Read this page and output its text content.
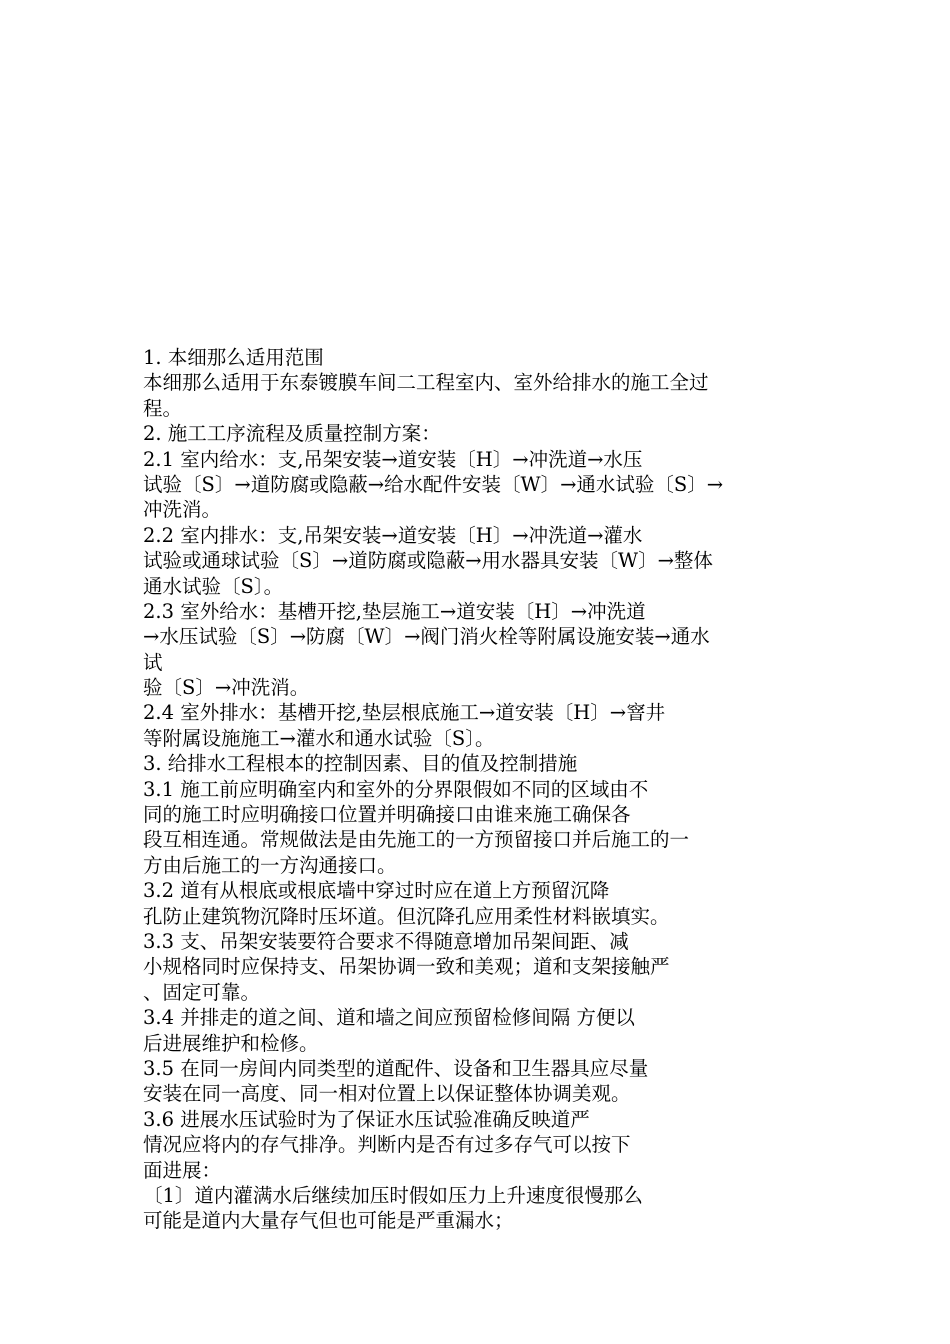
1. 本细那么适用范围
本细那么适用于东泰镀膜车间二工程室内、室外给排水的施工全过
程。
2. 施工工序流程及质量控制方案：
2.1 室内给水：支,吊架安装→道安装〔H〕→冲洗道→水压
试验〔S〕→道防腐或隐蔽→给水配件安装〔W〕→通水试验〔S〕→
冲洗消。
2.2 室内排水：支,吊架安装→道安装〔H〕→冲洗道→灌水
试验或通球试验〔S〕→道防腐或隐蔽→用水器具安装〔W〕→整体
通水试验〔S〕。
2.3 室外给水：基槽开挖,垫层施工→道安装〔H〕→冲洗道
→水压试验〔S〕→防腐〔W〕→阀门消火栓等附属设施安装→通水
试
验〔S〕→冲洗消。
2.4 室外排水：基槽开挖,垫层根底施工→道安装〔H〕→窨井
等附属设施施工→灌水和通水试验〔S〕。
3. 给排水工程根本的控制因素、目的值及控制措施
3.1 施工前应明确室内和室外的分界限假如不同的区域由不
同的施工时应明确接口位置并明确接口由谁来施工确保各
段互相连通。常规做法是由先施工的一方预留接口并后施工的一
方由后施工的一方沟通接口。
3.2 道有从根底或根底墙中穿过时应在道上方预留沉降
孔防止建筑物沉降时压坏道。但沉降孔应用柔性材料嵌填实。
3.3 支、吊架安装要符合要求不得随意增加吊架间距、减
小规格同时应保持支、吊架协调一致和美观；道和支架接触严
、固定可靠。
3.4 并排走的道之间、道和墙之间应预留检修间隔 方便以
后进展维护和检修。
3.5 在同一房间内同类型的道配件、设备和卫生器具应尽量
安装在同一高度、同一相对位置上以保证整体协调美观。
3.6 进展水压试验时为了保证水压试验准确反映道严
情况应将内的存气排净。判断内是否有过多存气可以按下
面进展：
〔1〕道内灌满水后继续加压时假如压力上升速度很慢那么
可能是道内大量存气但也可能是严重漏水；
